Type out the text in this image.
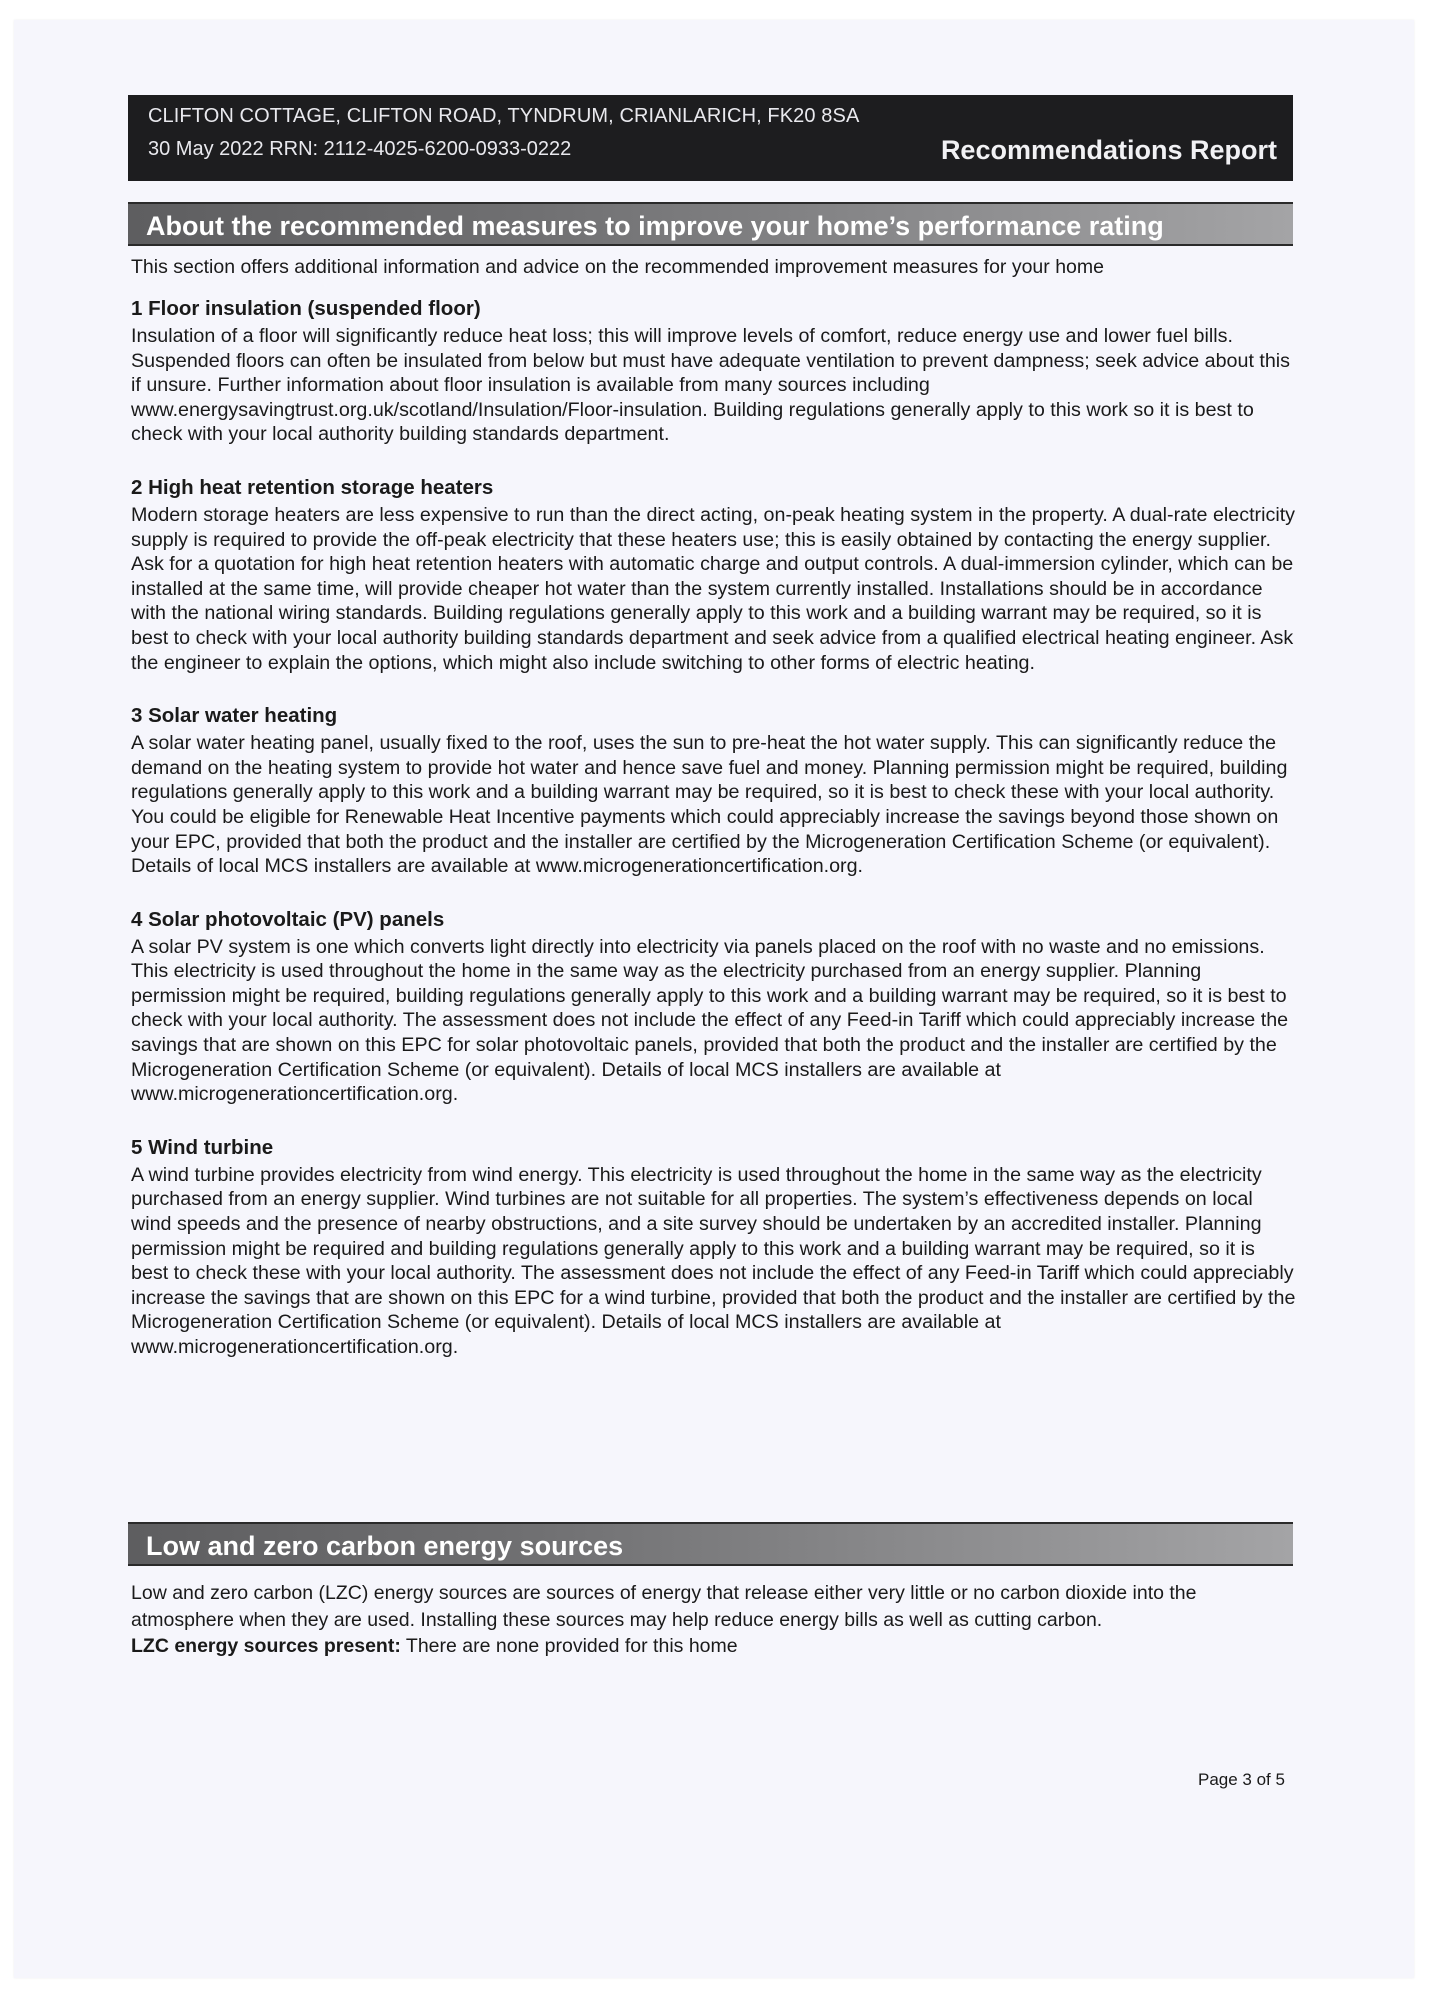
CLIFTON COTTAGE, CLIFTON ROAD, TYNDRUM, CRIANLARICH, FK20 8SA
30 May 2022 RRN: 2112-4025-6200-0933-0222	Recommendations Report
About the recommended measures to improve your home’s performance rating
This section offers additional information and advice on the recommended improvement measures for your home
1 Floor insulation (suspended floor)

Insulation of a floor will significantly reduce heat loss; this will improve levels of comfort, reduce energy use and lower fuel bills. Suspended floors can often be insulated from below but must have adequate ventilation to prevent dampness; seek advice about this if unsure. Further information about floor insulation is available from many sources including www.energysavingtrust.org.uk/scotland/Insulation/Floor-insulation. Building regulations generally apply to this work so it is best to check with your local authority building standards department.

2 High heat retention storage heaters

Modern storage heaters are less expensive to run than the direct acting, on-peak heating system in the property. A dual-rate electricity supply is required to provide the off-peak electricity that these heaters use; this is easily obtained by contacting the energy supplier. Ask for a quotation for high heat retention heaters with automatic charge and output controls. A dual-immersion cylinder, which can be installed at the same time, will provide cheaper hot water than the system currently installed. Installations should be in accordance with the national wiring standards. Building regulations generally apply to this work and a building warrant may be required, so it is best to check with your local authority building standards department and seek advice from a qualified electrical heating engineer. Ask the engineer to explain the options, which might also include switching to other forms of electric heating.

3 Solar water heating

A solar water heating panel, usually fixed to the roof, uses the sun to pre-heat the hot water supply. This can significantly reduce the demand on the heating system to provide hot water and hence save fuel and money. Planning permission might be required, building regulations generally apply to this work and a building warrant may be required, so it is best to check these with your local authority. You could be eligible for Renewable Heat Incentive payments which could appreciably increase the savings beyond those shown on your EPC, provided that both the product and the installer are certified by the Microgeneration Certification Scheme (or equivalent). Details of local MCS installers are available at www.microgenerationcertification.org.

4 Solar photovoltaic (PV) panels

A solar PV system is one which converts light directly into electricity via panels placed on the roof with no waste and no emissions. This electricity is used throughout the home in the same way as the electricity purchased from an energy supplier. Planning permission might be required, building regulations generally apply to this work and a building warrant may be required, so it is best to check with your local authority. The assessment does not include the effect of any Feed-in Tariff which could appreciably increase the savings that are shown on this EPC for solar photovoltaic panels, provided that both the product and the installer are certified by the Microgeneration Certification Scheme (or equivalent). Details of local MCS installers are available at www.microgenerationcertification.org.

5 Wind turbine

A wind turbine provides electricity from wind energy. This electricity is used throughout the home in the same way as the electricity purchased from an energy supplier. Wind turbines are not suitable for all properties. The system’s effectiveness depends on local wind speeds and the presence of nearby obstructions, and a site survey should be undertaken by an accredited installer. Planning permission might be required and building regulations generally apply to this work and a building warrant may be required, so it is best to check these with your local authority. The assessment does not include the effect of any Feed-in Tariff which could appreciably increase the savings that are shown on this EPC for a wind turbine, provided that both the product and the installer are certified by the Microgeneration Certification Scheme (or equivalent). Details of local MCS installers are available at www.microgenerationcertification.org.

Low and zero carbon energy sources

Low and zero carbon (LZC) energy sources are sources of energy that release either very little or no carbon dioxide into the atmosphere when they are used. Installing these sources may help reduce energy bills as well as cutting carbon.

LZC energy sources present: There are none provided for this home

Page 3 of 5
